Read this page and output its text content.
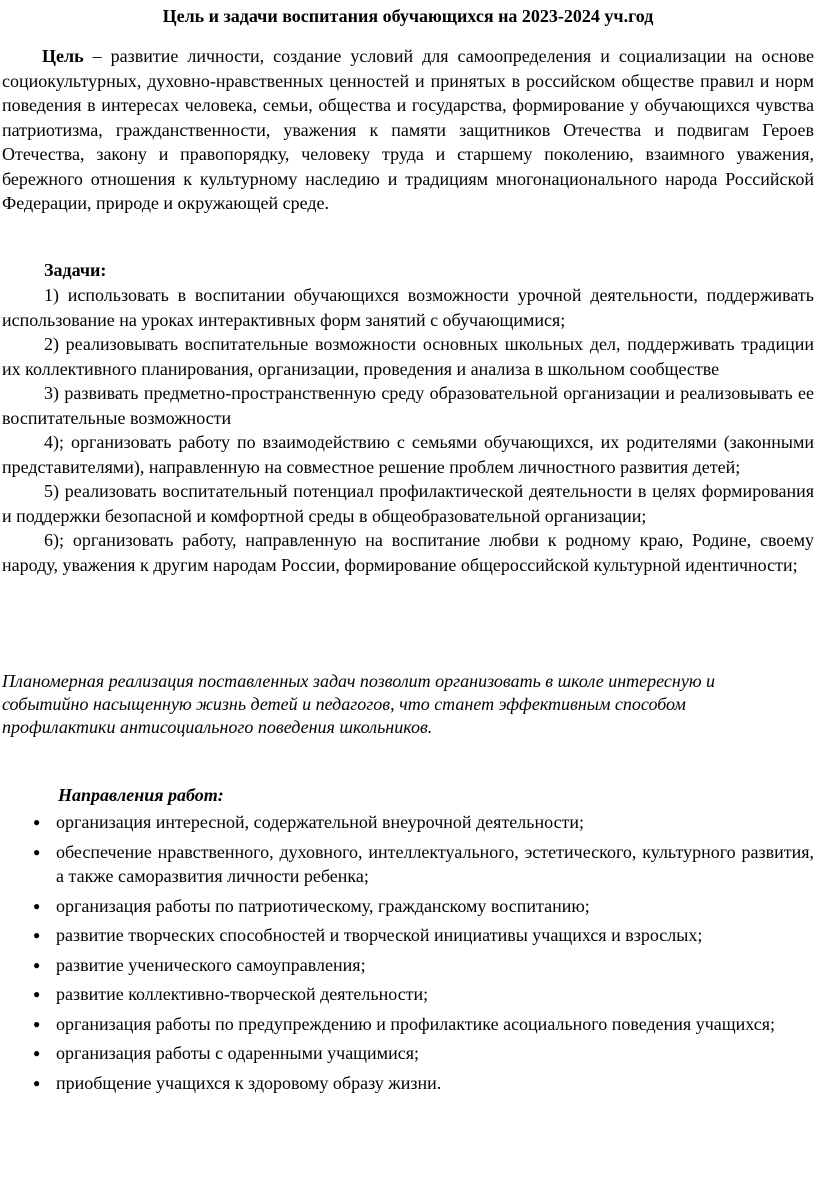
Цель и задачи воспитания обучающихся на 2023-2024 уч.год
Цель – развитие личности, создание условий для самоопределения и социализации на основе социокультурных, духовно-нравственных ценностей и принятых в российском обществе правил и норм поведения в интересах человека, семьи, общества и государства, формирование у обучающихся чувства патриотизма, гражданственности, уважения к памяти защитников Отечества и подвигам Героев Отечества, закону и правопорядку, человеку труда и старшему поколению, взаимного уважения, бережного отношения к культурному наследию и традициям многонационального народа Российской Федерации, природе и окружающей среде.
Задачи:
1) использовать в воспитании обучающихся возможности урочной деятельности, поддерживать использование на уроках интерактивных форм занятий с обучающимися;
2) реализовывать воспитательные возможности основных школьных дел, поддерживать традиции их коллективного планирования, организации, проведения и анализа в школьном сообществе
3) развивать предметно-пространственную среду образовательной организации и реализовывать ее воспитательные возможности
4); организовать работу по взаимодействию с семьями обучающихся, их родителями (законными представителями), направленную на совместное решение проблем личностного развития детей;
5) реализовать воспитательный потенциал профилактической деятельности в целях формирования и поддержки безопасной и комфортной среды в общеобразовательной организации;
6); организовать работу, направленную на воспитание любви к родному краю, Родине, своему народу, уважения к другим народам России, формирование общероссийской культурной идентичности;
Планомерная реализация поставленных задач позволит организовать в школе интересную и событийно насыщенную жизнь детей и педагогов, что станет эффективным способом профилактики антисоциального поведения школьников.
Направления работ:
● организация интересной, содержательной внеурочной деятельности;
● обеспечение нравственного, духовного, интеллектуального, эстетического, культурного развития, а также саморазвития личности ребенка;
● организация работы по патриотическому, гражданскому воспитанию;
● развитие творческих способностей и творческой инициативы учащихся и взрослых;
● развитие ученического самоуправления;
● развитие коллективно-творческой деятельности;
● организация работы по предупреждению и профилактике асоциального поведения учащихся;
● организация работы с одаренными учащимися;
● приобщение учащихся к здоровому образу жизни.
